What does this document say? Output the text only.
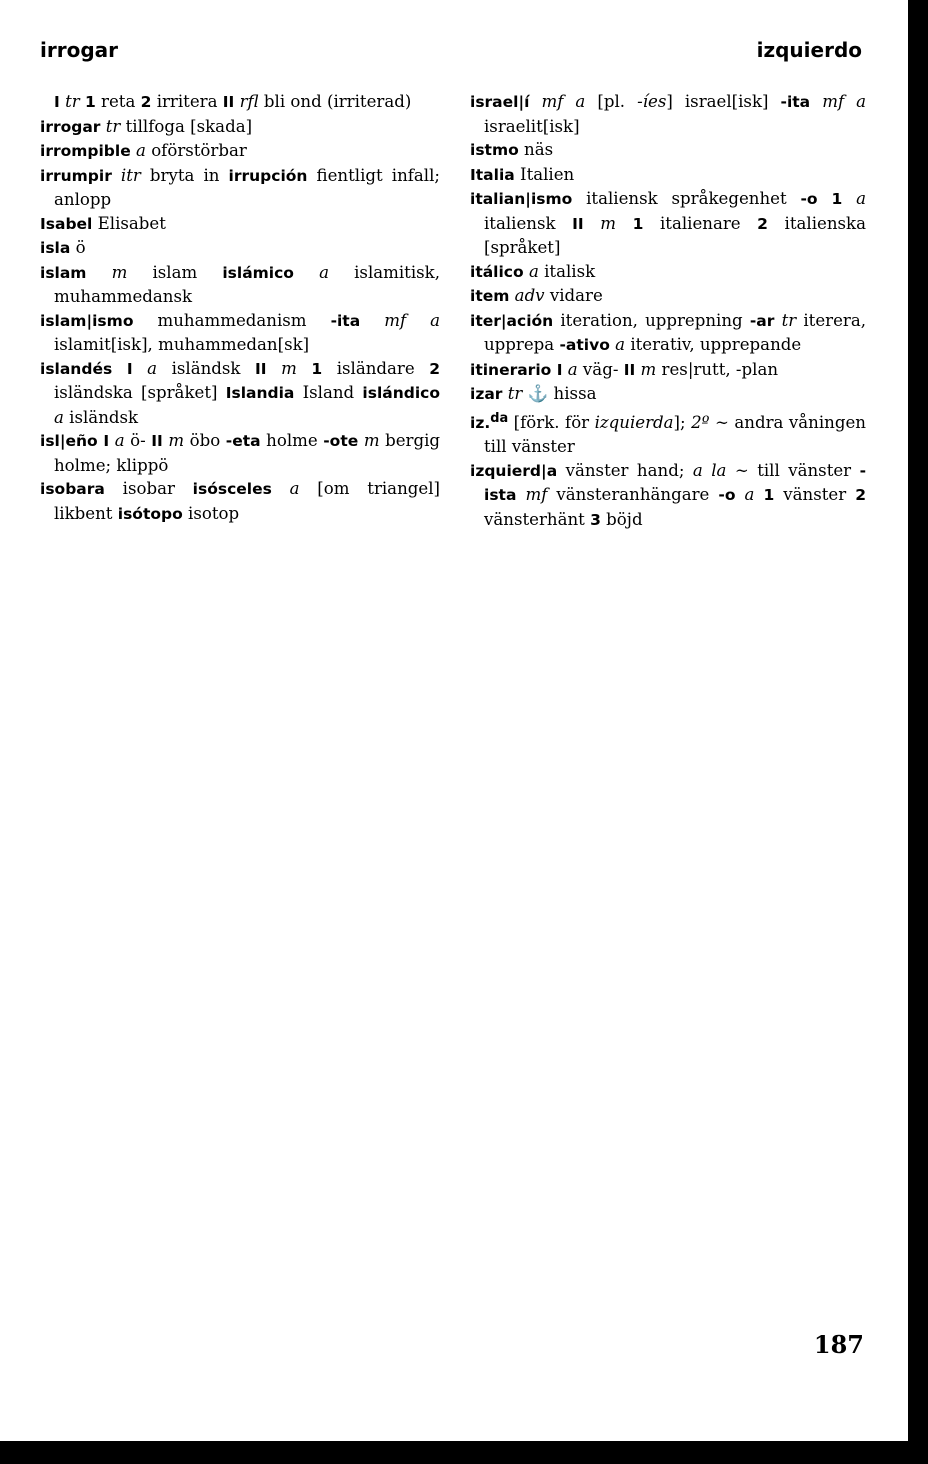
irrogar	izquierdo
I tr 1 reta 2 irritera II rfl bli ond (irriterad)
irrogar tr tillfoga [skada]
irrompible a oförstörbar
irrumpir itr bryta in irrupción fientligt infall; anlopp
Isabel Elisabet
isla ö
islam m islam islámico a islamitisk, muhammedansk
islam|ismo muhammedanism -ita mf a islamit[isk], muhammedan[sk]
islandés I a isländsk II m 1 isländare 2 isländska [språket] Islandia Island islándico a isländsk
isl|eño I a ö- II m öbo -eta holme -ote m bergig holme; klippö
isobara isobar isósceles a [om triangel] likbent isótopo isotop
israel|í mf a [pl. -íes] israel[isk] -ita mf a israelit[isk]
istmo näs
Italia Italien
italian|ismo italiensk språkegenhet -o 1 a italiensk II m 1 italienare 2 italienska [språket]
itálico a italisk
item adv vidare
iter|ación iteration, upprepning -ar tr iterera, upprepa -ativo a iterativ, upprepande
itinerario I a väg- II m res|rutt, -plan
izar tr ⚓ hissa
iz.$^{da}$ [förk. för izquierda]; 2º ∼ andra våningen till vänster
izquierd|a vänster hand; a la ∼ till vänster -ista mf vänsteranhängare -o a 1 vänster 2 vänsterhänt 3 böjd
187
